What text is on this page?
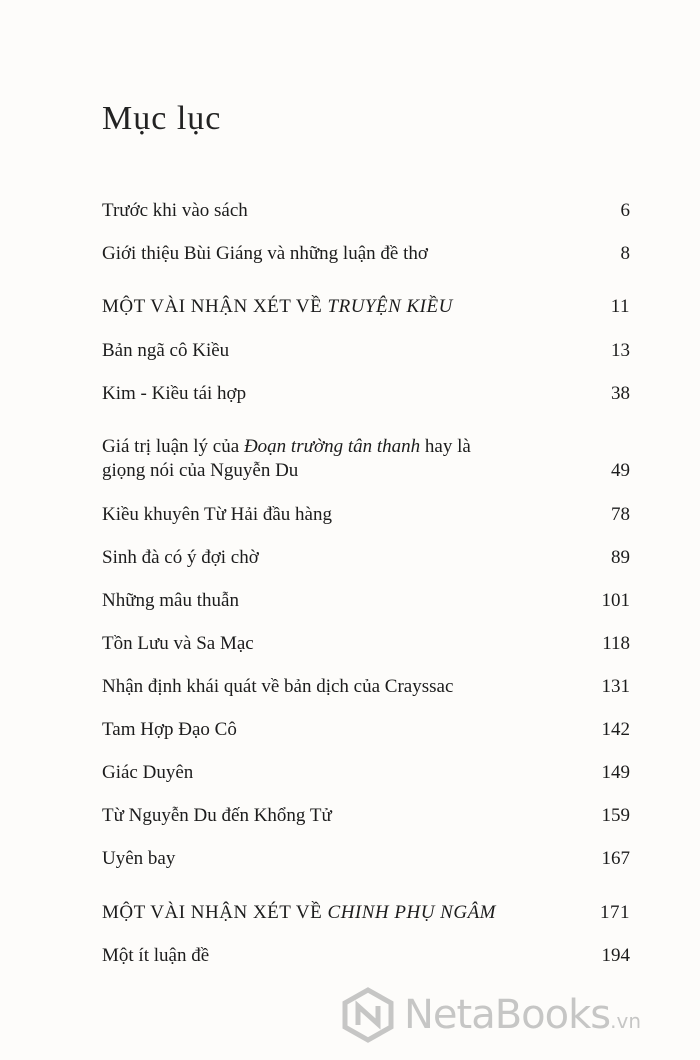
Mục lục
Trước khi vào sách	6
Giới thiệu Bùi Giáng và những luận đề thơ	8
MỘT VÀI NHẬN XÉT VỀ TRUYỆN KIỀU	11
Bản ngã cô Kiều	13
Kim - Kiều tái hợp	38
Giá trị luận lý của Đoạn trường tân thanh hay là
giọng nói của Nguyễn Du	49
Kiều khuyên Từ Hải đầu hàng	78
Sinh đà có ý đợi chờ	89
Những mâu thuẫn	101
Tồn Lưu và Sa Mạc	118
Nhận định khái quát về bản dịch của Crayssac	131
Tam Hợp Đạo Cô	142
Giác Duyên	149
Từ Nguyễn Du đến Khổng Tử	159
Uyên bay	167
MỘT VÀI NHẬN XÉT VỀ CHINH PHỤ NGÂM	171
Một ít luận đề	194
NetaBooks.vn
